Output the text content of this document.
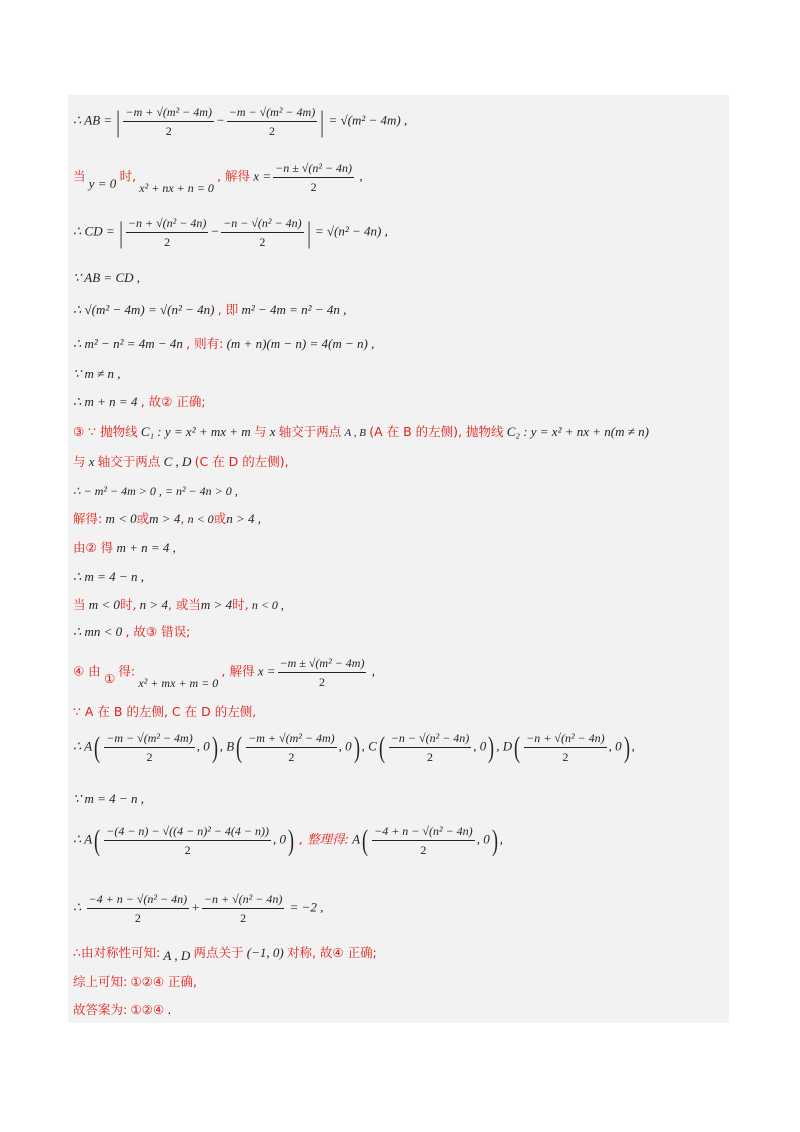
∴ AB = | $\frac{\text{−m + √(m² − 4m)}}{2} - \frac{\text{−m − √(m² − 4m)}}{2}$ | = √(m² − 4m) ,
当 y = 0 时, x² + nx + n = 0 , 解得 $x = \frac{\text{−n ± √(n² − 4n)}}{2}$ ,
∴ CD = | $\frac{\text{−n + √(n² − 4n)}}{2} - \frac{\text{−n − √(n² − 4n)}}{2}$ | = √(n² − 4n) ,
∵ AB = CD ,
∴ √(m² − 4m) = √(n² − 4n) , 即 m² − 4m = n² − 4n ,
∴ m² − n² = 4m − 4n , 则有: (m + n)(m − n) = 4(m − n) ,
∵ m ≠ n ,
∴ m + n = 4 , 故② 正确;
③ ∵ 抛物线 C₁ : y = x² + mx + m 与 x 轴交于两点 A , B (A 在 B 的左侧), 抛物线 C₂ : y = x² + nx + n(m ≠ n)
与 x 轴交于两点 C , D (C 在 D 的左侧),
∴ − m² − 4m > 0 , = n² − 4n > 0 ,
解得: m < 0或m > 4, n < 0或n > 4 ,
由② 得 m + n = 4 ,
∴ m = 4 − n ,
当 m < 0时, n > 4, 或当m > 4时, n < 0 ,
∴ mn < 0 , 故③ 错误;
④ 由 ① 得: x² + mx + m = 0 , 解得 $x = \frac{\text{−m ± √(m² − 4m)}}{2}$ ,
∵ A 在 B 的左侧, C 在 D 的左侧,
∴ $A( \frac{\text{−m − √(m² − 4m)}}{2}$ , 0) , $B( \frac{\text{−m + √(m² − 4m)}}{2}$ , 0) , $C( \frac{\text{−n − √(n² − 4n)}}{2}$ , 0) , $D( \frac{\text{−n + √(n² − 4n)}}{2}$ , 0) ,
∵ m = 4 − n ,
∴ $A( \frac{\text{−(4 − n) − √((4 − n)² − 4(4 − n))}}{2}$ , 0) , 整理得: $A( \frac{\text{−4 + n − √(n² − 4n)}}{2}$ , 0) ,
∴ $\frac{\text{−4 + n − √(n² − 4n)}}{2} + \frac{\text{−n + √(n² − 4n)}}{2} = -2$ ,
∴由对称性可知: A , D 两点关于 (−1, 0) 对称, 故④ 正确;
综上可知: ①②④ 正确,
故答案为: ①②④ .
